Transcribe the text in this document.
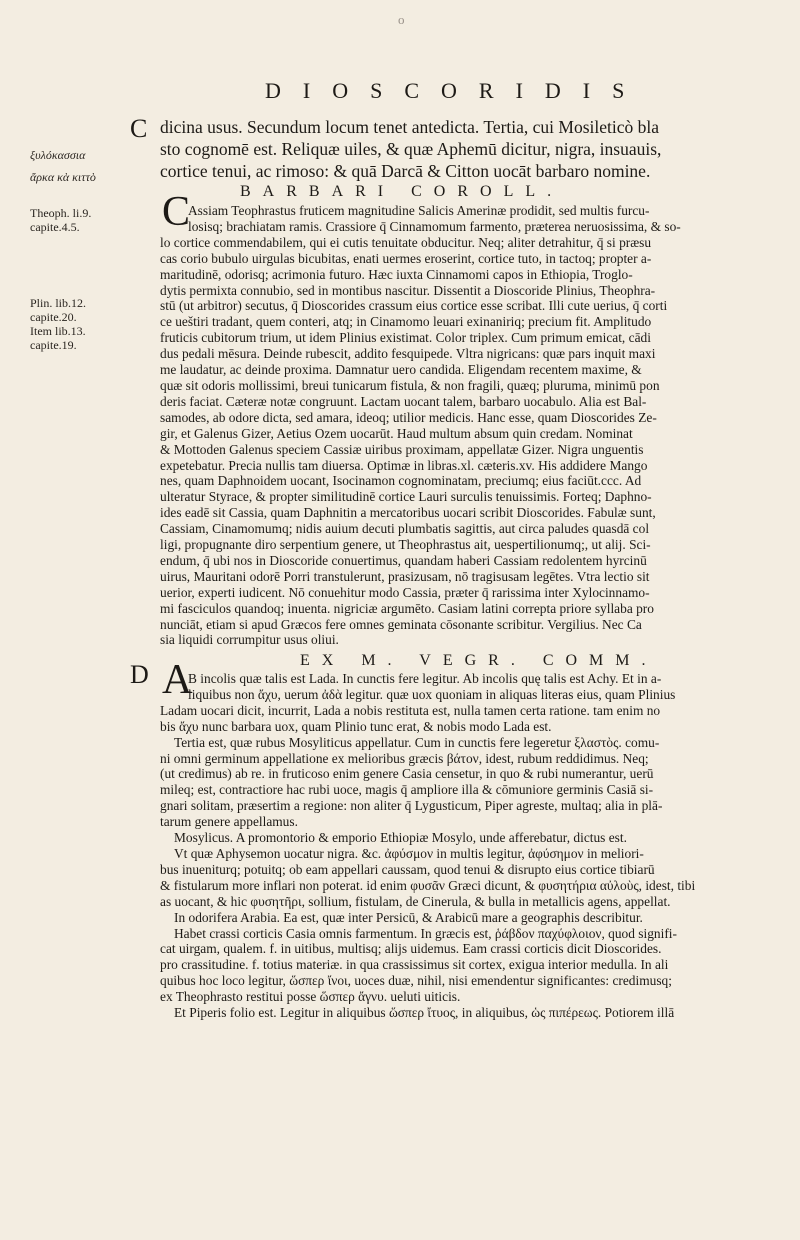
o
DIOSCORIDIS
C
D
ξυλόκασσια
ἄρκα κὰ κιττὸ
Theoph. li.9.
capite.4.5.
Plin. lib.12.
capite.20.
Item lib.13.
capite.19.
dicina usus. Secundum locum tenet antedicta. Tertia, cui Mosileticò bla
sto cognomē est. Reliquæ uiles, & quæ Aphemū dicitur, nigra, insuauis,
cortice tenui, ac rimoso: & quā Darcā & Citton uocāt barbaro nomine.
BARBARI COROLL.
C
Assiam Teophrastus fruticem magnitudine Salicis Amerinæ prodidit, sed multis furcu-
losisq; brachiatam ramis. Crassiore q̄ Cinnamomum farmento, præterea neruosissima, & so-
lo cortice commendabilem, qui ei cutis tenuitate obducitur. Neq; aliter detrahitur, q̄ si præsu
cas corio bubulo uirgulas bicubitas, enati uermes eroserint, cortice tuto, in tactoq; propter a-
maritudinē, odorisq; acrimonia futuro. Hæc iuxta Cinnamomi capos in Ethiopia, Troglo-
dytis permixta connubio, sed in montibus nascitur. Dissentit a Dioscoride Plinius, Theophra-
stū (ut arbitror) secutus, q̄ Dioscorides crassum eius cortice esse scribat. Illi cute uerius, q̄ corti
ce ueštiri tradant, quem conteri, atq; in Cinamomo leuari exinaniriq; precium fit. Amplitudo
fruticis cubitorum trium, ut idem Plinius existimat. Color triplex. Cum primum emicat, cādi
dus pedali mēsura. Deinde rubescit, addito fesquipede. Vltra nigricans: quæ pars inquit maxi
me laudatur, ac deinde proxima. Damnatur uero candida. Eligendam recentem maxime, &
quæ sit odoris mollissimi, breui tunicarum fistula, & non fragili, quæq; pluruma, minimū pon
deris faciat. Cæteræ notæ congruunt. Lactam uocant talem, barbaro uocabulo. Alia est Bal-
samodes, ab odore dicta, sed amara, ideoq; utilior medicis. Hanc esse, quam Dioscorides Ze-
gir, et Galenus Gizer, Aetius Ozem uocarūt. Haud multum absum quin credam. Nominat
& Mottoden Galenus speciem Cassiæ uiribus proximam, appellatæ Gizer. Nigra unguentis
expetebatur. Precia nullis tam diuersa. Optimæ in libras.xl. cæteris.xv. His addidere Mango
nes, quam Daphnoidem uocant, Isocinamon cognominatam, preciumq; eius faciūt.ccc. Ad
ulteratur Styrace, & propter similitudinē cortice Lauri surculis tenuissimis. Forteq; Daphno-
ides eadē sit Cassia, quam Daphnitin a mercatoribus uocari scribit Dioscorides. Fabulæ sunt,
Cassiam, Cinamomumq; nidis auium decuti plumbatis sagittis, aut circa paludes quasdā col
ligi, propugnante diro serpentium genere, ut Theophrastus ait, uespertilionumq;, ut alij. Sci-
endum, q̄ ubi nos in Dioscoride conuertimus, quandam haberi Cassiam redolentem hyrcinū
uirus, Mauritani odorē Porri transtulerunt, prasizusam, nō tragisusam legētes. Vtra lectio sit
uerior, experti iudicent. Nō conuehitur modo Cassia, præter q̄ rarissima inter Xylocinnamo-
mi fasciculos quandoq; inuenta. nigriciæ argumēto. Casiam latini correpta priore syllaba pro
nunciāt, etiam si apud Græcos fere omnes geminata cōsonante scribitur. Vergilius. Nec Ca
sia liquidi corrumpitur usus oliui.
EX M. VEGR. COMM.
A
B incolis quæ talis est Lada. In cunctis fere legitur. Ab incolis quę talis est Achy. Et in a-
liquibus non ἄχυ, uerum ἀδὰ legitur. quæ uox quoniam in aliquas literas eius, quam Plinius
Ladam uocari dicit, incurrit, Lada a nobis restituta est, nulla tamen certa ratione. tam enim no
bis ἄχυ nunc barbara uox, quam Plinio tunc erat, & nobis modo Lada est.
Tertia est, quæ rubus Mosyliticus appellatur. Cum in cunctis fere legeretur ξλαστὸς. comu-
ni omni germinum appellatione ex melioribus græcis βάτον, idest, rubum reddidimus. Neq;
(ut credimus) ab re. in fruticoso enim genere Casia censetur, in quo & rubi numerantur, uerū
mileq; est, contractiore hac rubi uoce, magis q̄ ampliore illa & cōmuniore germinis Casiā si-
gnari solitam, præsertim a regione: non aliter q̄ Lygusticum, Piper agreste, multaq; alia in plā-
tarum genere appellamus.
Mosylicus. A promontorio & emporio Ethiopiæ Mosylo, unde afferebatur, dictus est.
Vt quæ Aphysemon uocatur nigra. &c. ἀφύσμον in multis legitur, ἀφύσημον in meliori-
bus inueniturq; potuitq; ob eam appellari caussam, quod tenui & disrupto eius cortice tibiarū
& fistularum more inflari non poterat. id enim φυσᾶν Græci dicunt, & φυσητήρια αὐλοὺς, idest, tibi
as uocant, & hic φυσητῆρι, sollium, fistulam, de Cinerula, & bulla in metallicis agens, appellat.
In odorifera Arabia. Ea est, quæ inter Persicū, & Arabicū mare a geographis describitur.
Habet crassi corticis Casia omnis farmentum. In græcis est, ῥάβδον παχύφλοιον, quod signifi-
cat uirgam, qualem. f. in uitibus, multisq; alijs uidemus. Eam crassi corticis dicit Dioscorides.
pro crassitudine. f. totius materiæ. in qua crassissimus sit cortex, exigua interior medulla. In ali
quibus hoc loco legitur, ὥσπερ ἴνοι, uoces duæ, nihil, nisi emendentur significantes: credimusq;
ex Theophrasto restitui posse ὥσπερ ἄγνυ. ueluti uiticis.
Et Piperis folio est. Legitur in aliquibus ὥσπερ ἴτυος, in aliquibus, ὡς πιπέρεως. Potiorem illā
